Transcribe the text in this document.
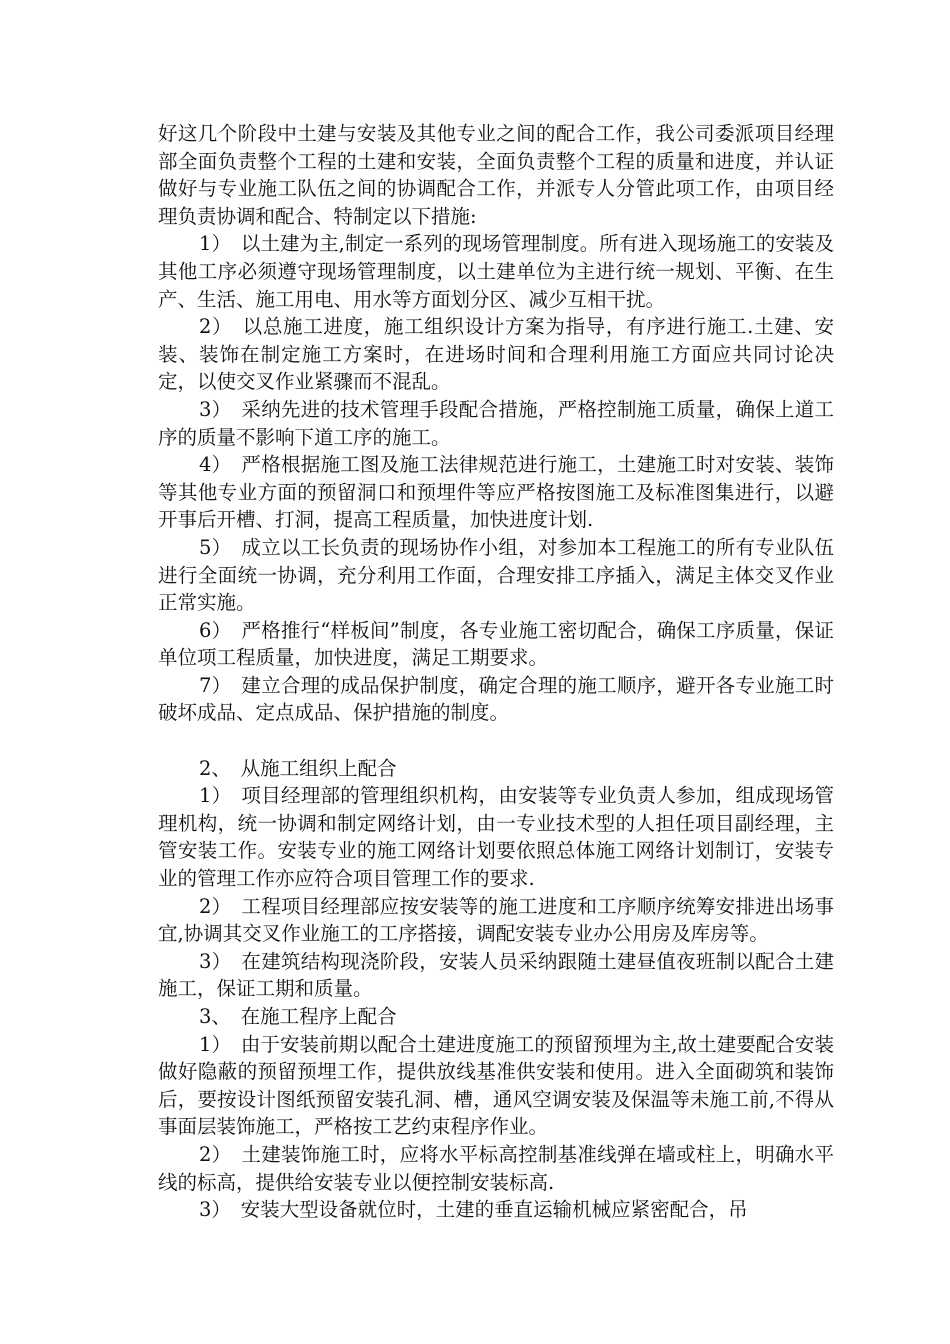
好这几个阶段中土建与安装及其他专业之间的配合工作，我公司委派项目经理部全面负责整个工程的土建和安装，全面负责整个工程的质量和进度，并认证做好与专业施工队伍之间的协调配合工作，并派专人分管此项工作，由项目经理负责协调和配合、特制定以下措施:

1）　以土建为主,制定一系列的现场管理制度。所有进入现场施工的安装及其他工序必须遵守现场管理制度，以土建单位为主进行统一规划、平衡、在生产、生活、施工用电、用水等方面划分区、减少互相干扰。

2）　以总施工进度，施工组织设计方案为指导，有序进行施工.土建、安装、装饰在制定施工方案时，在进场时间和合理利用施工方面应共同讨论决定，以使交叉作业紧骤而不混乱。

3）　采纳先进的技术管理手段配合措施，严格控制施工质量，确保上道工序的质量不影响下道工序的施工。

4）　严格根据施工图及施工法律规范进行施工，土建施工时对安装、装饰等其他专业方面的预留洞口和预埋件等应严格按图施工及标准图集进行，以避开事后开槽、打洞，提高工程质量，加快进度计划.

5）　成立以工长负责的现场协作小组，对参加本工程施工的所有专业队伍进行全面统一协调，充分利用工作面，合理安排工序插入，满足主体交叉作业正常实施。

6）　严格推行“样板间”制度，各专业施工密切配合，确保工序质量，保证单位项工程质量，加快进度，满足工期要求。

7）　建立合理的成品保护制度，确定合理的施工顺序，避开各专业施工时破坏成品、定点成品、保护措施的制度。

2、　从施工组织上配合

1）　项目经理部的管理组织机构，由安装等专业负责人参加，组成现场管理机构，统一协调和制定网络计划，由一专业技术型的人担任项目副经理，主管安装工作。安装专业的施工网络计划要依照总体施工网络计划制订，安装专业的管理工作亦应符合项目管理工作的要求.

2）　工程项目经理部应按安装等的施工进度和工序顺序统筹安排进出场事宜,协调其交叉作业施工的工序搭接，调配安装专业办公用房及库房等。

3）　在建筑结构现浇阶段，安装人员采纳跟随土建昼值夜班制以配合土建施工，保证工期和质量。

3、　在施工程序上配合

1）　由于安装前期以配合土建进度施工的预留预埋为主,故土建要配合安装做好隐蔽的预留预埋工作，提供放线基准供安装和使用。进入全面砌筑和装饰后，要按设计图纸预留安装孔洞、槽，通风空调安装及保温等未施工前,不得从事面层装饰施工，严格按工艺约束程序作业。

2）　土建装饰施工时，应将水平标高控制基准线弹在墙或柱上，明确水平线的标高，提供给安装专业以便控制安装标高.

3）　安装大型设备就位时，土建的垂直运输机械应紧密配合，吊
